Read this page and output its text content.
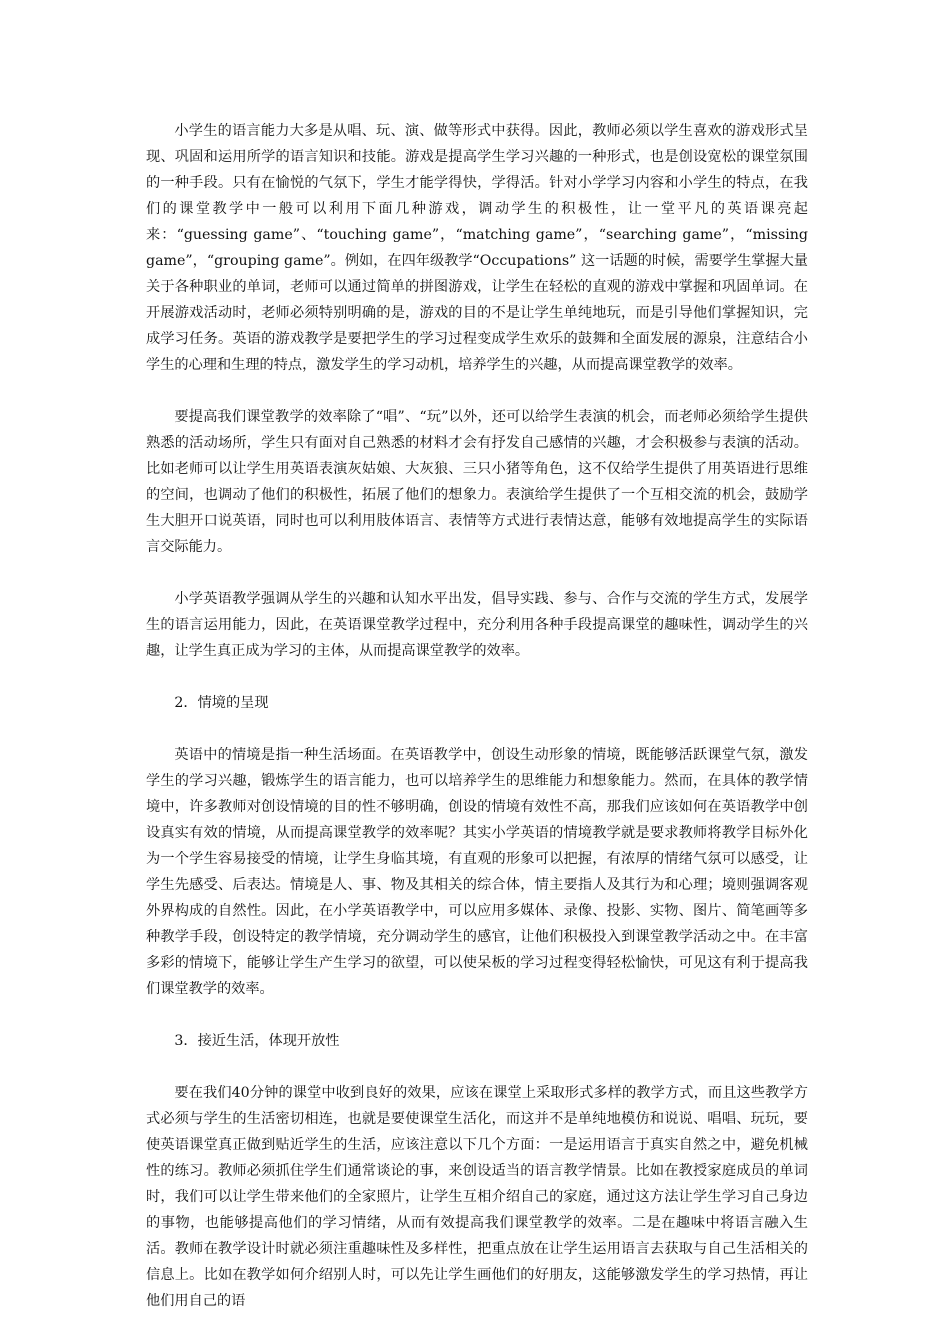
小学生的语言能力大多是从唱、玩、演、做等形式中获得。因此，教师必须以学生喜欢的游戏形式呈现、巩固和运用所学的语言知识和技能。游戏是提高学生学习兴趣的一种形式，也是创设宽松的课堂氛围的一种手段。只有在愉悦的气氛下，学生才能学得快，学得活。针对小学学习内容和小学生的特点，在我们的课堂教学中一般可以利用下面几种游戏，调动学生的积极性，让一堂平凡的英语课亮起来：“guessing game”、“touching game”，“matching game”，“searching game”，“missing game”，“grouping game”。例如，在四年级教学“Occupations” 这一话题的时候，需要学生掌握大量关于各种职业的单词，老师可以通过简单的拼图游戏，让学生在轻松的直观的游戏中掌握和巩固单词。在开展游戏活动时，老师必须特别明确的是，游戏的目的不是让学生单纯地玩，而是引导他们掌握知识，完成学习任务。英语的游戏教学是要把学生的学习过程变成学生欢乐的鼓舞和全面发展的源泉，注意结合小学生的心理和生理的特点，激发学生的学习动机，培养学生的兴趣，从而提高课堂教学的效率。

要提高我们课堂教学的效率除了“唱”、“玩”以外，还可以给学生表演的机会，而老师必须给学生提供熟悉的活动场所，学生只有面对自己熟悉的材料才会有抒发自己感情的兴趣，才会积极参与表演的活动。比如老师可以让学生用英语表演灰姑娘、大灰狼、三只小猪等角色，这不仅给学生提供了用英语进行思维的空间，也调动了他们的积极性，拓展了他们的想象力。表演给学生提供了一个互相交流的机会，鼓励学生大胆开口说英语，同时也可以利用肢体语言、表情等方式进行表情达意，能够有效地提高学生的实际语言交际能力。

小学英语教学强调从学生的兴趣和认知水平出发，倡导实践、参与、合作与交流的学生方式，发展学生的语言运用能力，因此，在英语课堂教学过程中，充分利用各种手段提高课堂的趣味性，调动学生的兴趣，让学生真正成为学习的主体，从而提高课堂教学的效率。

2．情境的呈现

英语中的情境是指一种生活场面。在英语教学中，创设生动形象的情境，既能够活跃课堂气氛，激发学生的学习兴趣，锻炼学生的语言能力，也可以培养学生的思维能力和想象能力。然而，在具体的教学情境中，许多教师对创设情境的目的性不够明确，创设的情境有效性不高，那我们应该如何在英语教学中创设真实有效的情境，从而提高课堂教学的效率呢？其实小学英语的情境教学就是要求教师将教学目标外化为一个学生容易接受的情境，让学生身临其境，有直观的形象可以把握，有浓厚的情绪气氛可以感受，让学生先感受、后表达。情境是人、事、物及其相关的综合体，情主要指人及其行为和心理；境则强调客观外界构成的自然性。因此，在小学英语教学中，可以应用多媒体、录像、投影、实物、图片、简笔画等多种教学手段，创设特定的教学情境，充分调动学生的感官，让他们积极投入到课堂教学活动之中。在丰富多彩的情境下，能够让学生产生学习的欲望，可以使呆板的学习过程变得轻松愉快，可见这有利于提高我们课堂教学的效率。

3．接近生活，体现开放性

要在我们40分钟的课堂中收到良好的效果，应该在课堂上采取形式多样的教学方式，而且这些教学方式必须与学生的生活密切相连，也就是要使课堂生活化，而这并不是单纯地模仿和说说、唱唱、玩玩，要使英语课堂真正做到贴近学生的生活，应该注意以下几个方面：一是运用语言于真实自然之中，避免机械性的练习。教师必须抓住学生们通常谈论的事，来创设适当的语言教学情景。比如在教授家庭成员的单词时，我们可以让学生带来他们的全家照片，让学生互相介绍自己的家庭，通过这方法让学生学习自己身边的事物，也能够提高他们的学习情绪，从而有效提高我们课堂教学的效率。二是在趣味中将语言融入生活。教师在教学设计时就必须注重趣味性及多样性，把重点放在让学生运用语言去获取与自己生活相关的信息上。比如在教学如何介绍别人时，可以先让学生画他们的好朋友，这能够激发学生的学习热情，再让他们用自己的语
